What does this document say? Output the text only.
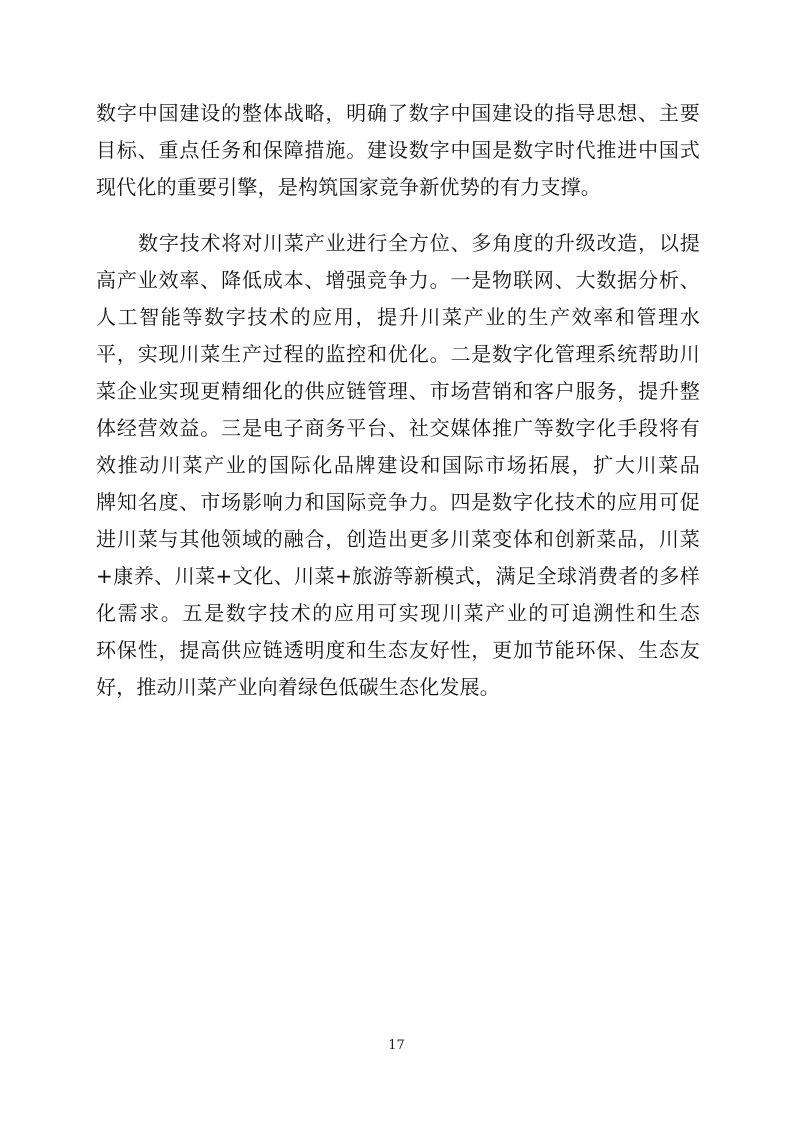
数字中国建设的整体战略，明确了数字中国建设的指导思想、主要
目标、重点任务和保障措施。建设数字中国是数字时代推进中国式
现代化的重要引擎，是构筑国家竞争新优势的有力支撑。
数字技术将对川菜产业进行全方位、多角度的升级改造，以提
高产业效率、降低成本、增强竞争力。一是物联网、大数据分析、
人工智能等数字技术的应用，提升川菜产业的生产效率和管理水
平，实现川菜生产过程的监控和优化。二是数字化管理系统帮助川
菜企业实现更精细化的供应链管理、市场营销和客户服务，提升整
体经营效益。三是电子商务平台、社交媒体推广等数字化手段将有
效推动川菜产业的国际化品牌建设和国际市场拓展，扩大川菜品
牌知名度、市场影响力和国际竞争力。四是数字化技术的应用可促
进川菜与其他领域的融合，创造出更多川菜变体和创新菜品，川菜
+康养、川菜+文化、川菜+旅游等新模式，满足全球消费者的多样
化需求。五是数字技术的应用可实现川菜产业的可追溯性和生态
环保性，提高供应链透明度和生态友好性，更加节能环保、生态友
好，推动川菜产业向着绿色低碳生态化发展。
17
